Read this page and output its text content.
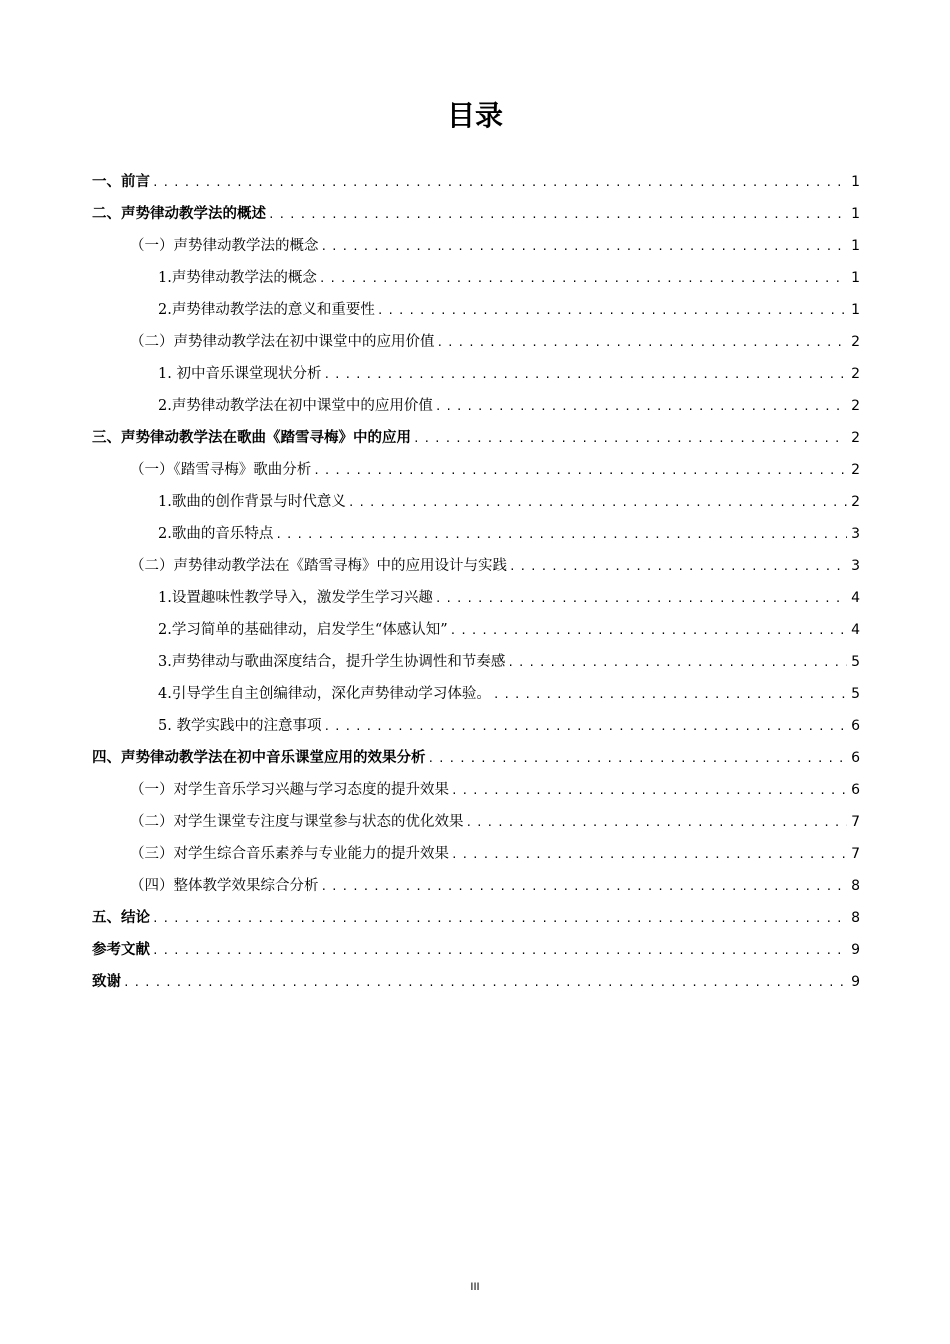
目录
一、前言 .....	1
二、声势律动教学法的概述 .....	1
（一）声势律动教学法的概念 .....	1
1.声势律动教学法的概念 .....	1
2.声势律动教学法的意义和重要性 .....	1
（二）声势律动教学法在初中课堂中的应用价值 .....	2
1. 初中音乐课堂现状分析 .....	2
2.声势律动教学法在初中课堂中的应用价值 .....	2
三、声势律动教学法在歌曲《踏雪寻梅》中的应用 .....	2
（一）《踏雪寻梅》歌曲分析 .....	2
1.歌曲的创作背景与时代意义 .....	2
2.歌曲的音乐特点 .....	3
（二）声势律动教学法在《踏雪寻梅》中的应用设计与实践 .....	3
1.设置趣味性教学导入，激发学生学习兴趣 .....	4
2.学习简单的基础律动，启发学生“体感认知” .....	4
3.声势律动与歌曲深度结合，提升学生协调性和节奏感 .....	5
4.引导学生自主创编律动，深化声势律动学习体验。 .....	5
5. 教学实践中的注意事项 .....	6
四、声势律动教学法在初中音乐课堂应用的效果分析 .....	6
（一）对学生音乐学习兴趣与学习态度的提升效果 .....	6
（二）对学生课堂专注度与课堂参与状态的优化效果 .....	7
（三）对学生综合音乐素养与专业能力的提升效果 .....	7
（四）整体教学效果综合分析 .....	8
五、结论 .....	8
参考文献 .....	9
致谢 .....	9
III
